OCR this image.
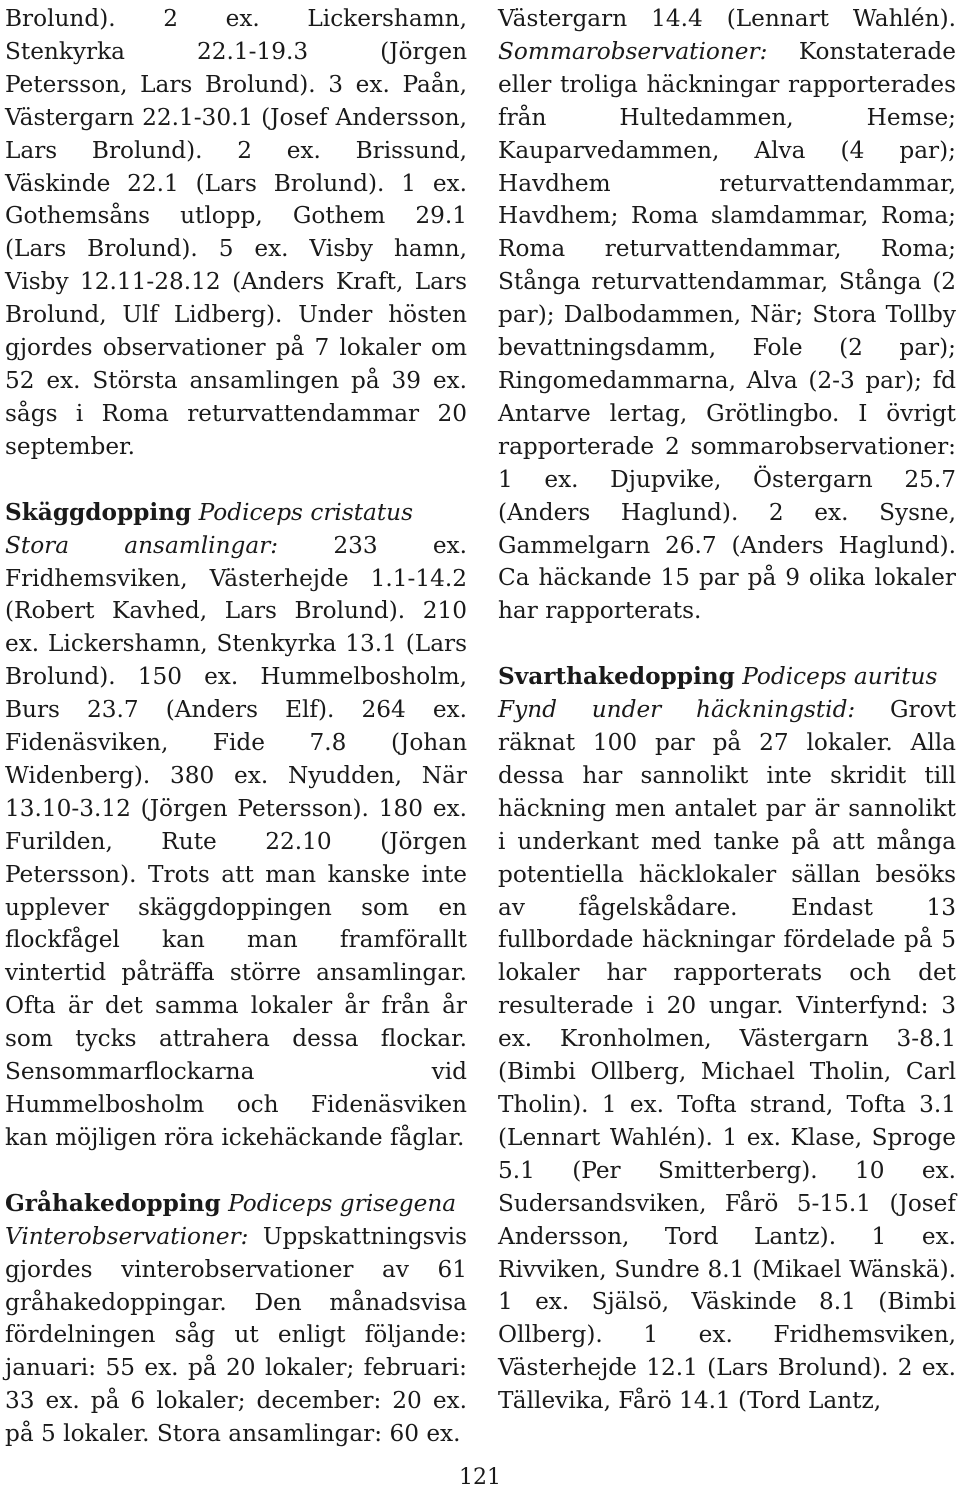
Brolund). 2 ex. Lickershamn, Stenkyrka 22.1-19.3 (Jörgen Petersson, Lars Brolund). 3 ex. Paån, Västergarn 22.1-30.1 (Josef Andersson, Lars Brolund). 2 ex. Brissund, Väskinde 22.1 (Lars Brolund). 1 ex. Gothemsåns utlopp, Gothem 29.1 (Lars Brolund). 5 ex. Visby hamn, Visby 12.11-28.12 (Anders Kraft, Lars Brolund, Ulf Lidberg). Under hösten gjordes observationer på 7 lokaler om 52 ex. Största ansamlingen på 39 ex. sågs i Roma returvattendammar 20 september.

Skäggdopping Podiceps cristatus
Stora ansamlingar: 233 ex. Fridhemsviken, Västerhejde 1.1-14.2 (Robert Kavhed, Lars Brolund). 210 ex. Lickershamn, Stenkyrka 13.1 (Lars Brolund). 150 ex. Hummelbosholm, Burs 23.7 (Anders Elf). 264 ex. Fidenäsviken, Fide 7.8 (Johan Widenberg). 380 ex. Nyudden, När 13.10-3.12 (Jörgen Petersson). 180 ex. Furilden, Rute 22.10 (Jörgen Petersson). Trots att man kanske inte upplever skäggdoppingen som en flockfågel kan man framförallt vintertid påträffa större ansamlingar. Ofta är det samma lokaler år från år som tycks attrahera dessa flockar. Sensommarflockarna vid Hummelbosholm och Fidenäsviken kan möjligen röra ickehäckande fåglar.

Gråhakedopping Podiceps grisegena
Vinterobservationer: Uppskattningsvis gjordes vinterobservationer av 61 gråhakedoppingar. Den månadsvisa fördelningen såg ut enligt följande: januari: 55 ex. på 20 lokaler; februari: 33 ex. på 6 lokaler; december: 20 ex. på 5 lokaler. Stora ansamlingar: 60 ex.

Västergarn 14.4 (Lennart Wahlén). Sommarobservationer: Konstaterade eller troliga häckningar rapporterades från Hultedammen, Hemse; Kauparvedammen, Alva (4 par); Havdhem returvattendammar, Havdhem; Roma slamdammar, Roma; Roma returvattendammar, Roma; Stånga returvattendammar, Stånga (2 par); Dalbodammen, När; Stora Tollby bevattningsdamm, Fole (2 par); Ringomedammarna, Alva (2-3 par); fd Antarve lertag, Grötlingbo. I övrigt rapporterade 2 sommarobservationer: 1 ex. Djupvike, Östergarn 25.7 (Anders Haglund). 2 ex. Sysne, Gammelgarn 26.7 (Anders Haglund). Ca häckande 15 par på 9 olika lokaler har rapporterats.

Svarthakedopping Podiceps auritus
Fynd under häckningstid: Grovt räknat 100 par på 27 lokaler. Alla dessa har sannolikt inte skridit till häckning men antalet par är sannolikt i underkant med tanke på att många potentiella häcklokaler sällan besöks av fågelskådare. Endast 13 fullbordade häckningar fördelade på 5 lokaler har rapporterats och det resulterade i 20 ungar. Vinterfynd: 3 ex. Kronholmen, Västergarn 3-8.1 (Bimbi Ollberg, Michael Tholin, Carl Tholin). 1 ex. Tofta strand, Tofta 3.1 (Lennart Wahlén). 1 ex. Klase, Sproge 5.1 (Per Smitterberg). 10 ex. Sudersandsviken, Fårö 5-15.1 (Josef Andersson, Tord Lantz). 1 ex. Rivviken, Sundre 8.1 (Mikael Wänskä). 1 ex. Själsö, Väskinde 8.1 (Bimbi Ollberg). 1 ex. Fridhemsviken, Västerhejde 12.1 (Lars Brolund). 2 ex. Tällevika, Fårö 14.1 (Tord Lantz,

121
